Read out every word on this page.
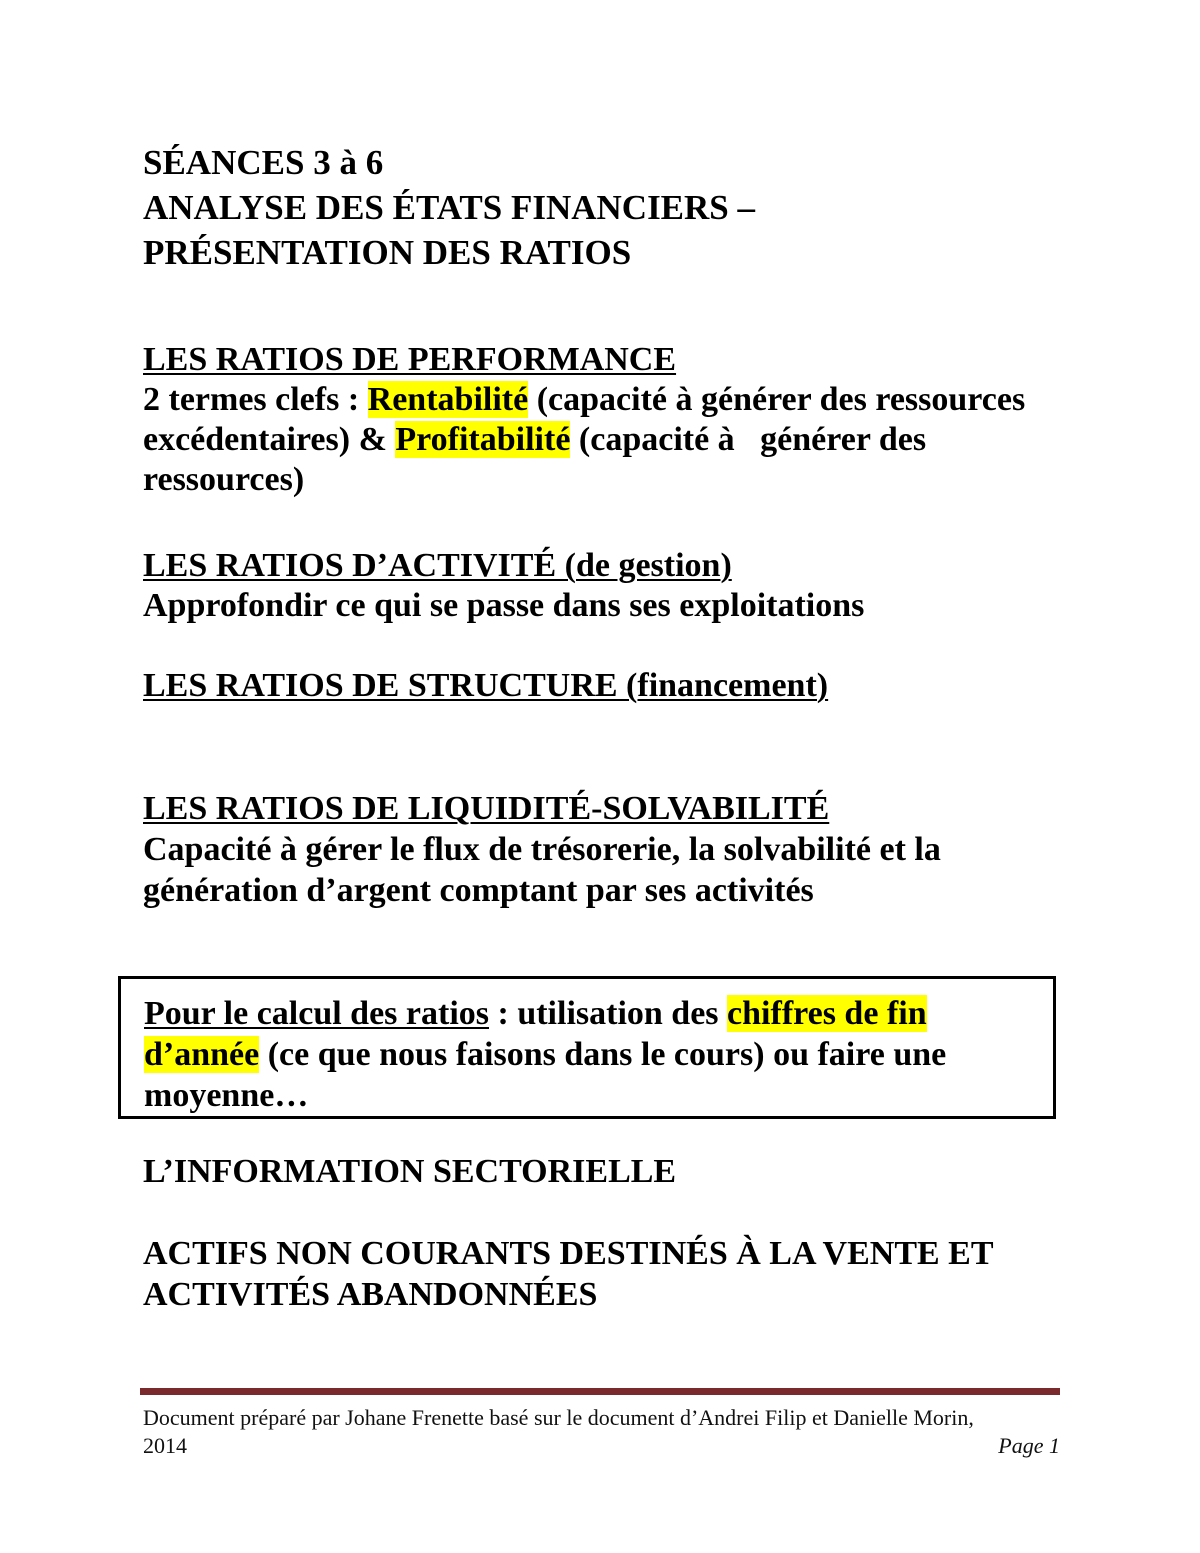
SÉANCES 3 à 6
ANALYSE DES ÉTATS FINANCIERS –
PRÉSENTATION DES RATIOS
LES RATIOS DE PERFORMANCE
2 termes clefs : Rentabilité (capacité à générer des ressources
excédentaires) & Profitabilité (capacité à   générer des
ressources)
LES RATIOS D’ACTIVITÉ (de gestion)
Approfondir ce qui se passe dans ses exploitations
LES RATIOS DE STRUCTURE (financement)
LES RATIOS DE LIQUIDITÉ-SOLVABILITÉ
Capacité à gérer le flux de trésorerie, la solvabilité et la
génération d’argent comptant par ses activités
L’INFORMATION SECTORIELLE
ACTIFS NON COURANTS DESTINÉS À LA VENTE ET
ACTIVITÉS ABANDONNÉES
Pour le calcul des ratios : utilisation des chiffres de fin
d’année (ce que nous faisons dans le cours) ou faire une
moyenne…
Document préparé par Johane Frenette basé sur le document d’Andrei Filip et Danielle Morin,
2014	Page 1
